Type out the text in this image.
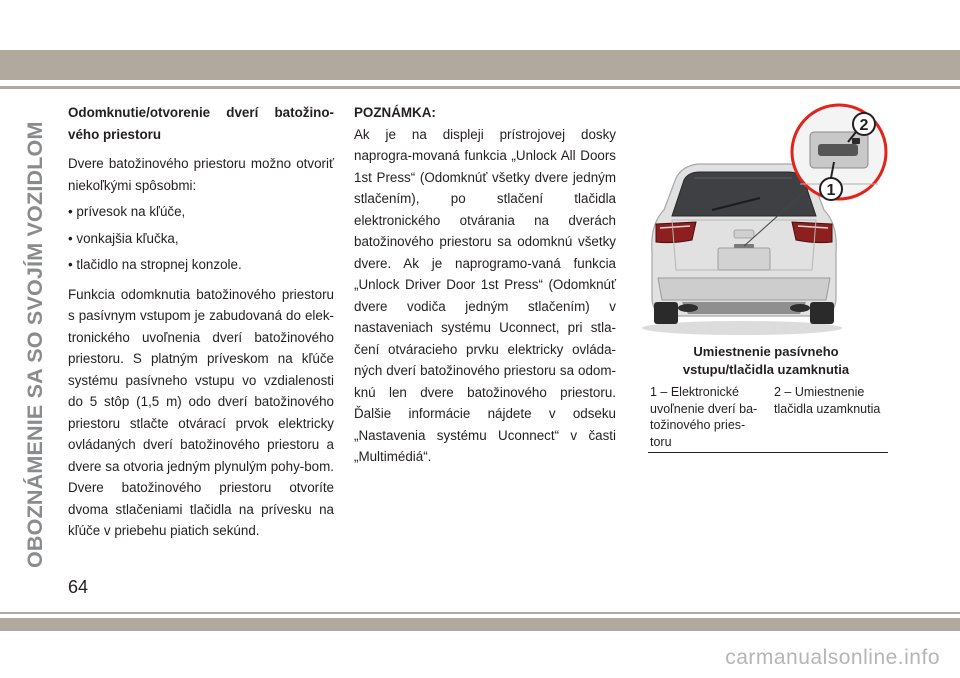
OBOZNÁMENIE SA SO SVOJÍM VOZIDLOM

Odomknutie/otvorenie dverí batožino-vého priestoru

Dvere batožinového priestoru možno otvoriť niekoľkými spôsobmi:

• prívesok na kľúče,

• vonkajšia kľučka,

• tlačidlo na stropnej konzole.

Funkcia odomknutia batožinového priestoru s pasívnym vstupom je zabudovaná do elek-tronického uvoľnenia dverí batožinového priestoru. S platným príveskom na kľúče systému pasívneho vstupu vo vzdialenosti do 5 stôp (1,5 m) odo dverí batožinového priestoru stlačte otvárací prvok elektricky ovládaných dverí batožinového priestoru a dvere sa otvoria jedným plynulým pohy-bom. Dvere batožinového priestoru otvoríte dvoma stlačeniami tlačidla na prívesku na kľúče v priebehu piatich sekúnd.

POZNÁMKA:

Ak je na displeji prístrojovej dosky naprogra-movaná funkcia „Unlock All Doors 1st Press“ (Odomknúť všetky dvere jedným stlačením), po stlačení tlačidla elektronického otvárania na dverách batožinového priestoru sa odomknú všetky dvere. Ak je naprogramo-vaná funkcia „Unlock Driver Door 1st Press“ (Odomknúť dvere vodiča jedným stlačením) v nastaveniach systému Uconnect, pri stla-čení otváracieho prvku elektricky ovláda-ných dverí batožinového priestoru sa odom-knú len dvere batožinového priestoru. Ďalšie informácie nájdete v odseku „Nastavenia systému Uconnect“ v časti „Multimédiá“.

2
1
Umiestnenie pasívneho vstupu/tlačidla uzamknutia
1 – Elektronické uvoľnenie dverí ba-tožinového pries-toru
2 – Umiestnenie tlačidla uzamknutia
64
carmanualsonline.info
